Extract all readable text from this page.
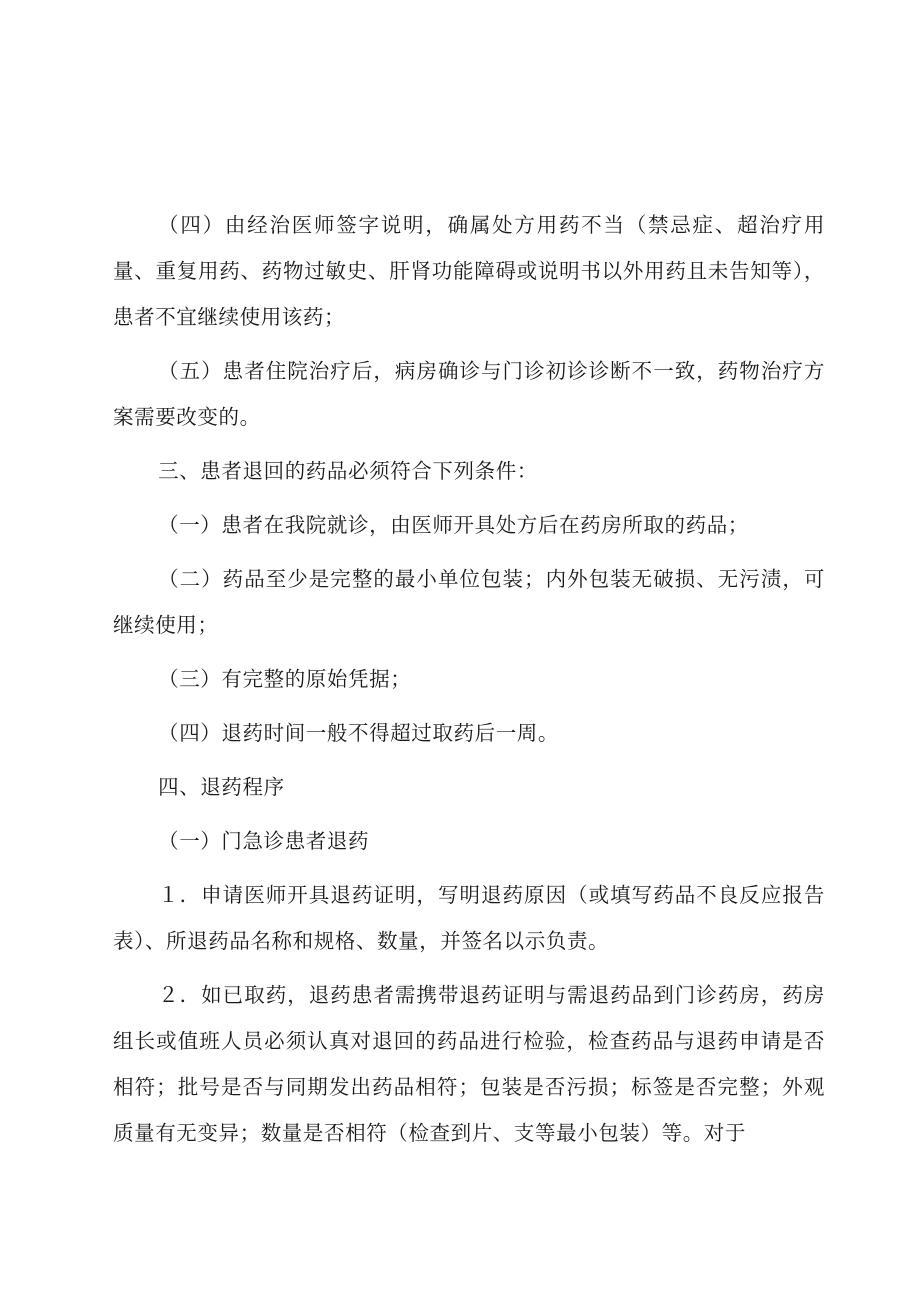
（四）由经治医师签字说明，确属处方用药不当（禁忌症、超治疗用量、重复用药、药物过敏史、肝肾功能障碍或说明书以外用药且未告知等），患者不宜继续使用该药；

（五）患者住院治疗后，病房确诊与门诊初诊诊断不一致，药物治疗方案需要改变的。

三、患者退回的药品必须符合下列条件：

（一）患者在我院就诊，由医师开具处方后在药房所取的药品；

（二）药品至少是完整的最小单位包装；内外包装无破损、无污渍，可继续使用；

（三）有完整的原始凭据；

（四）退药时间一般不得超过取药后一周。

四、退药程序

（一）门急诊患者退药

１．申请医师开具退药证明，写明退药原因（或填写药品不良反应报告表）、所退药品名称和规格、数量，并签名以示负责。

２．如已取药，退药患者需携带退药证明与需退药品到门诊药房，药房组长或值班人员必须认真对退回的药品进行检验，检查药品与退药申请是否相符；批号是否与同期发出药品相符；包装是否污损；标签是否完整；外观质量有无变异；数量是否相符（检查到片、支等最小包装）等。对于
